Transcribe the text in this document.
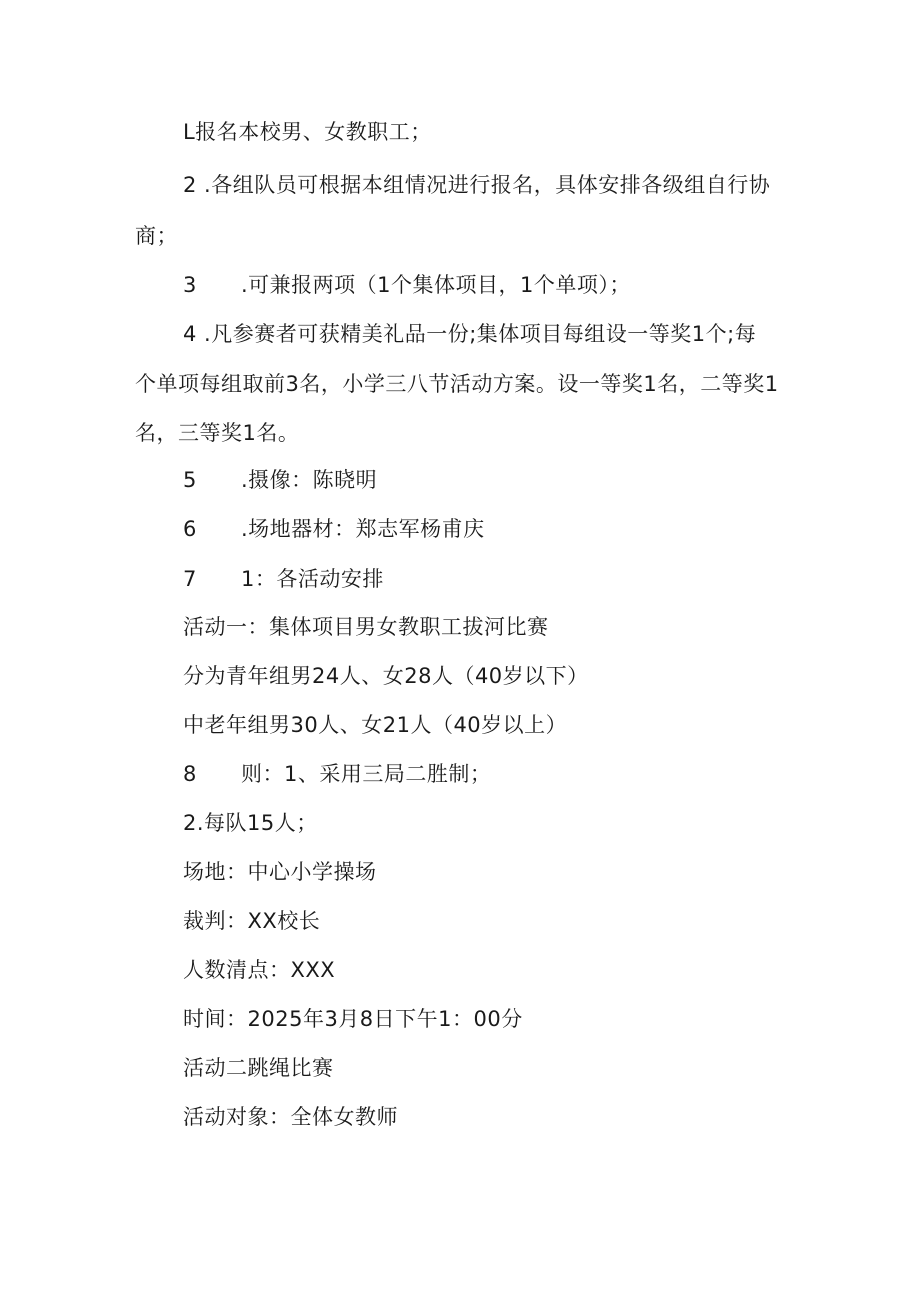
L报名本校男、女教职工；
2 .各组队员可根据本组情况进行报名，具体安排各级组自行协
商；
3 .可兼报两项（1个集体项目，1个单项）；
4 .凡参赛者可获精美礼品一份;集体项目每组设一等奖1个;每
个单项每组取前3名，小学三八节活动方案。设一等奖1名，二等奖1
名，三等奖1名。
5 .摄像：陈晓明
6 .场地器材：郑志军杨甫庆
7 1：各活动安排
活动一：集体项目男女教职工拔河比赛
分为青年组男24人、女28人（40岁以下）
中老年组男30人、女21人（40岁以上）
8 则：1、采用三局二胜制；
2.每队15人；
场地：中心小学操场
裁判：XX校长
人数清点：XXX
时间：2025年3月8日下午1：00分
活动二跳绳比赛
活动对象：全体女教师
